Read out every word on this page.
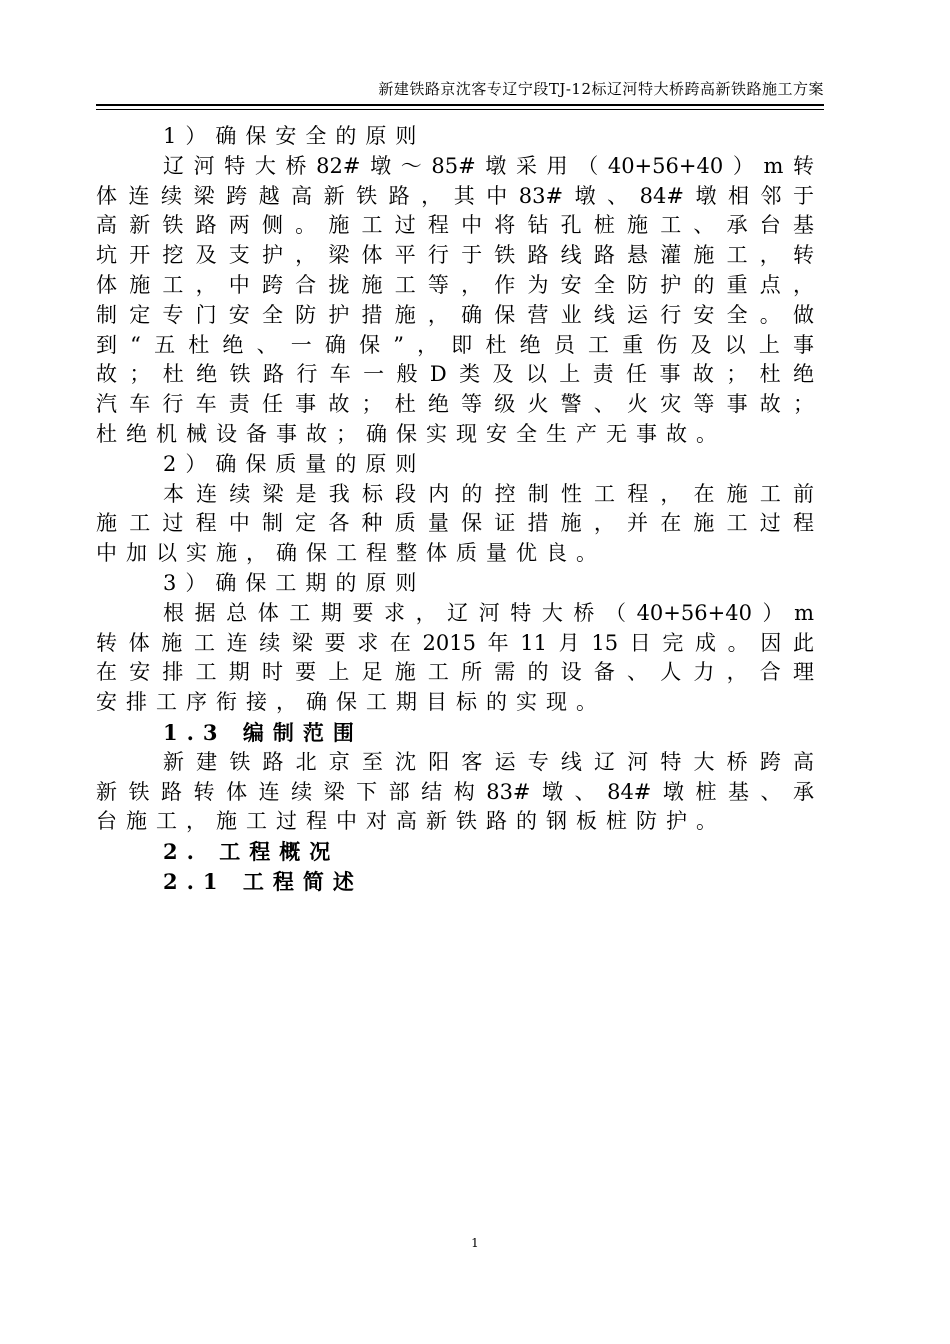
新建铁路京沈客专辽宁段TJ-12标辽河特大桥跨高新铁路施工方案

1）确保安全的原则

辽河特大桥82#墩～85#墩采用（40+56+40）m转

体连续梁跨越高新铁路，其中83#墩、84#墩相邻于

高新铁路两侧。施工过程中将钻孔桩施工、承台基

坑开挖及支护，梁体平行于铁路线路悬灌施工，转

体施工，中跨合拢施工等，作为安全防护的重点，

制定专门安全防护措施，确保营业线运行安全。做

到“五杜绝、一确保”，即杜绝员工重伤及以上事

故；杜绝铁路行车一般D类及以上责任事故；杜绝

汽车行车责任事故；杜绝等级火警、火灾等事故；

杜绝机械设备事故；确保实现安全生产无事故。

2）确保质量的原则

本连续梁是我标段内的控制性工程，在施工前

施工过程中制定各种质量保证措施，并在施工过程

中加以实施，确保工程整体质量优良。

3）确保工期的原则

根据总体工期要求，辽河特大桥（40+56+40）m

转体施工连续梁要求在2015年11月15日完成。因此

在安排工期时要上足施工所需的设备、人力，合理

安排工序衔接，确保工期目标的实现。

1.3 编制范围

新建铁路北京至沈阳客运专线辽河特大桥跨高

新铁路转体连续梁下部结构83#墩、84#墩桩基、承

台施工，施工过程中对高新铁路的钢板桩防护。

2. 工程概况

2.1 工程简述

1
